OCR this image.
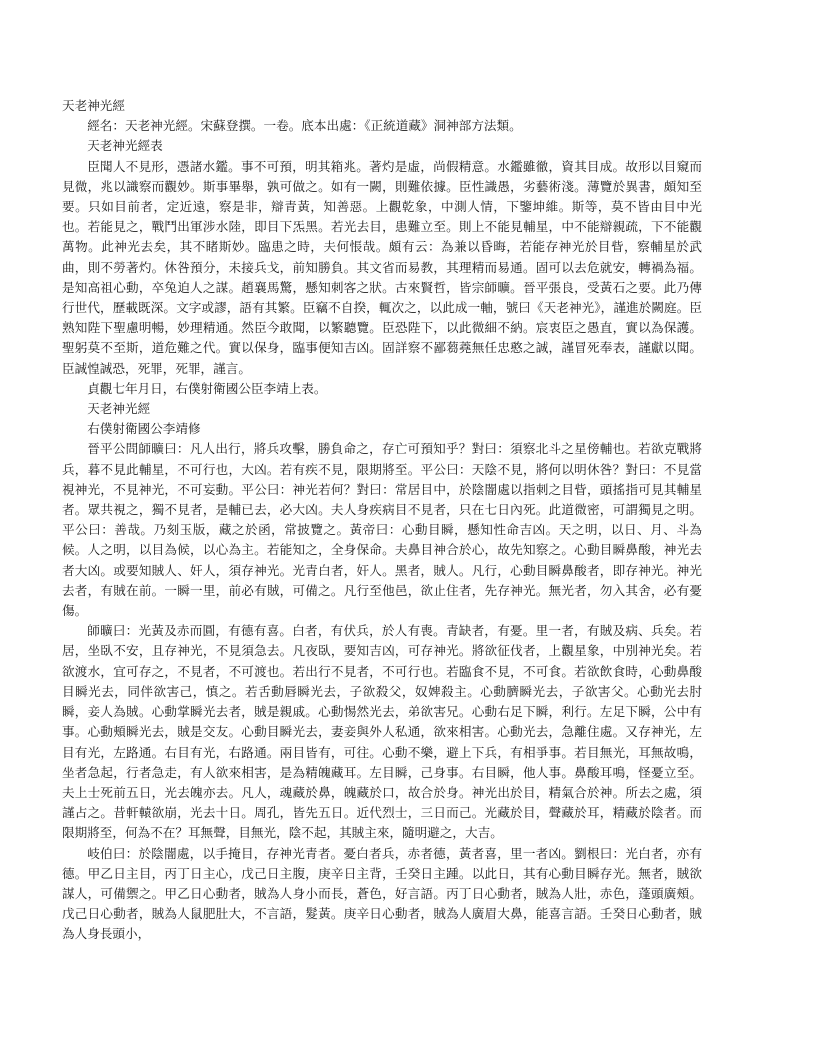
天老神光經

經名：天老神光經。宋蘇登撰。一卷。底本出處：《正統道藏》洞神部方法類。

天老神光經表

臣聞人不見形，憑諸水鑑。事不可預，明其箱兆。著灼是虛，尚假精意。水鑑雖徹，資其目成。故形以目窺而見微，兆以識察而觀妙。斯事畢舉，孰可做之。如有一闕，則難依據。臣性識愚，劣藝術淺。薄覽於異書，頗知至要。只如目前者，定近遠，察是非，辯青黃，知善惡。上觀乾象，中測人情，下鑒坤維。斯等，莫不皆由目中光也。若能見之，戰鬥出軍涉水陸，即目下炁黑。若光去目，患難立至。則上不能見輔星，中不能辯親疏，下不能觀萬物。此神光去矣，其不睹斯妙。臨患之時，夫何悵哉。頗有云：為兼以昏晦，若能存神光於目眥，察輔星於武曲，則不勞著灼。休咎預分，未接兵戈，前知勝負。其文省而易教，其理精而易通。固可以去危就安，轉禍為福。是知高祖心動，卒兔迫人之謀。趙襄馬驚，懸知刺客之狀。古來賢哲，皆宗師曠。晉平張良，受黃石之要。此乃傳行世代，歷載既深。文字或謬，語有其繁。臣竊不自揆，輒次之，以此成一軸，號曰《天老神光》，謹進於闕庭。臣熟知陛下聖慮明暢，妙理精通。然臣今敢聞，以繁聽覽。臣恐陛下，以此微細不納。宸衷臣之愚直，實以為保護。聖躬莫不至斯，道危難之代。實以保身，臨事便知吉凶。固詳察不鄙蒭蕘無任忠憨之誠，謹冒死奉表，謹獻以聞。臣誠惶誠恐，死罪，死罪，謹言。

貞觀七年月日，右僕射衛國公臣李靖上表。

天老神光經

右僕射衛國公李靖修

晉平公問師曠曰：凡人出行，將兵攻擊，勝負命之，存亡可預知乎？對曰：須察北斗之星傍輔也。若欲克戰將兵，暮不見此輔星，不可行也，大凶。若有疾不見，限期將至。平公曰：天陰不見，將何以明休咎？對曰：不見當視神光，不見神光，不可妄動。平公曰：神光若何？對曰：常居目中，於陰闇處以指刺之目眥，頭搖指可見其輔星者。眾共視之，獨不見者，是輔已去，必大凶。夫人身疾病目不見者，只在七日內死。此道微密，可謂獨見之明。平公曰：善哉。乃刻玉版，藏之於函，常披覽之。黃帝曰：心動目瞬，懸知性命吉凶。天之明，以日、月、斗為候。人之明，以目為候，以心為主。若能知之，全身保命。夫鼻目神合於心，故先知察之。心動目瞬鼻酸，神光去者大凶。或要知賊人、奸人，須存神光。光青白者，奸人。黑者，賊人。凡行，心動目瞬鼻酸者，即存神光。神光去者，有賊在前。一瞬一里，前必有賊，可備之。凡行至他邑，欲止住者，先存神光。無光者，勿入其舍，必有憂傷。

師曠曰：光黃及赤而圓，有德有喜。白者，有伏兵，於人有喪。青缺者，有憂。里一者，有賊及病、兵矣。若居，坐臥不安，且存神光，不見須急去。凡夜臥，要知吉凶，可存神光。將欲征伐者，上觀星象，中別神光矣。若欲渡水，宜可存之，不見者，不可渡也。若出行不見者，不可行也。若臨食不見，不可食。若欲飲食時，心動鼻酸目瞬光去，同伴欲害己，慎之。若舌動唇瞬光去，子欲殺父，奴婢殺主。心動臍瞬光去，子欲害父。心動光去肘瞬，妾人為賊。心動掌瞬光去者，賊是親戚。心動惕然光去，弟欲害兄。心動右足下瞬，利行。左足下瞬，公中有事。心動頰瞬光去，賊是交友。心動目瞬光去，妻妾與外人私通，欲來相害。心動光去，急離住處。又存神光，左目有光，左路通。右目有光，右路通。兩目皆有，可往。心動不樂，避上下兵，有相爭事。若目無光，耳無故鳴，坐者急起，行者急走，有人欲來相害，是為精魄藏耳。左目瞬，己身事。右目瞬，他人事。鼻酸耳鳴，怪憂立至。夫上士死前五日，光去魄亦去。凡人，魂藏於鼻，魄藏於口，故合於身。神光出於目，精氣合於神。所去之處，須謹占之。昔軒轅欲崩，光去十日。周孔，皆先五日。近代烈士，三日而己。光藏於目，聲藏於耳，精藏於陰者。而限期將至，何為不在？耳無聲，目無光，陰不起，其賊主來，隨明避之，大吉。

岐伯曰：於陰闇處，以手掩目，存神光青者。憂白者兵，赤者德，黃者喜，里一者凶。劉根曰：光白者，亦有德。甲乙日主目，丙丁日主心，戊己日主腹，庚辛日主背，壬癸日主踵。以此日，其有心動目瞬存光。無者，賊欲謀人，可備禦之。甲乙日心動者，賊為人身小而長，蒼色，好言語。丙丁日心動者，賊為人壯，赤色，蓬頭廣頰。戊己日心動者，賊為人鼠肥肚大，不言語，髮黃。庚辛日心動者，賊為人廣眉大鼻，能喜言語。壬癸日心動者，賊為人身長頭小，
